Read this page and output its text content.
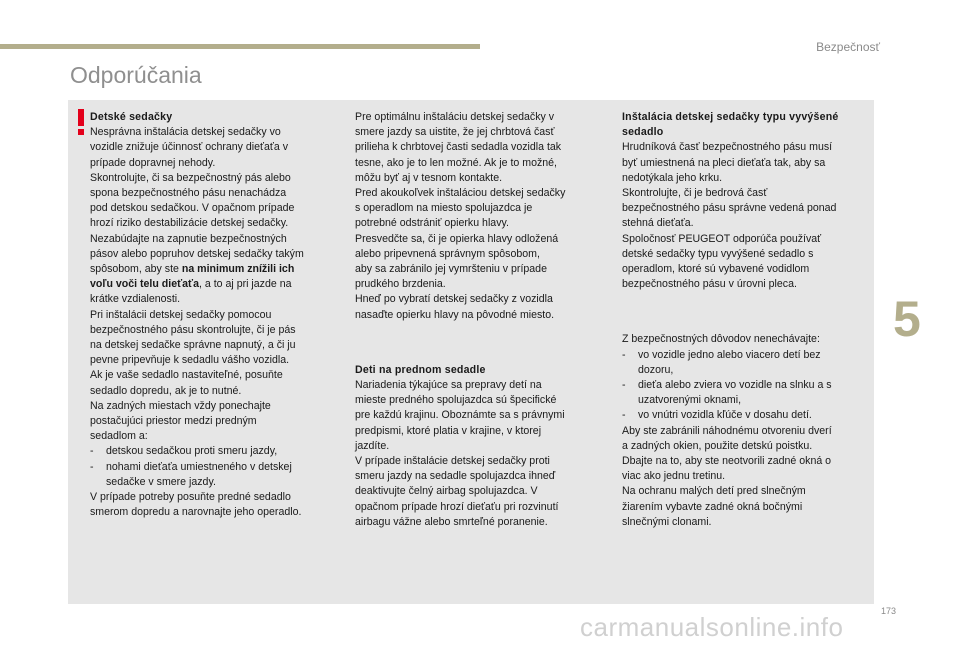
Bezpečnosť
Odporúčania

Detské sedačky

Nesprávna inštalácia detskej sedačky vo

vozidle znižuje účinnosť ochrany dieťaťa v

prípade dopravnej nehody.

Skontrolujte, či sa bezpečnostný pás alebo

spona bezpečnostného pásu nenachádza

pod detskou sedačkou. V opačnom prípade

hrozí riziko destabilizácie detskej sedačky.

Nezabúdajte na zapnutie bezpečnostných

pásov alebo popruhov detskej sedačky takým

spôsobom, aby ste na minimum znížili ich

voľu voči telu dieťaťa, a to aj pri jazde na

krátke vzdialenosti.

Pri inštalácii detskej sedačky pomocou

bezpečnostného pásu skontrolujte, či je pás

na detskej sedačke správne napnutý, a či ju

pevne pripevňuje k sedadlu vášho vozidla.

Ak je vaše sedadlo nastaviteľné, posuňte

sedadlo dopredu, ak je to nutné.

Na zadných miestach vždy ponechajte

postačujúci priestor medzi predným

sedadlom a:

-	detskou sedačkou proti smeru jazdy,
-	nohami dieťaťa umiestneného v detskej

sedačke v smere jazdy.

V prípade potreby posuňte predné sedadlo

smerom dopredu a narovnajte jeho operadlo.

Pre optimálnu inštaláciu detskej sedačky v

smere jazdy sa uistite, že jej chrbtová časť

prilieha k chrbtovej časti sedadla vozidla tak

tesne, ako je to len možné. Ak je to možné,

môžu byť aj v tesnom kontakte.

Pred akoukoľvek inštaláciou detskej sedačky

s operadlom na miesto spolujazdca je

potrebné odstrániť opierku hlavy.

Presvedčte sa, či je opierka hlavy odložená

alebo pripevnená správnym spôsobom,

aby sa zabránilo jej vymršteniu v prípade

prudkého brzdenia.

Hneď po vybratí detskej sedačky z vozidla

nasaďte opierku hlavy na pôvodné miesto.

Deti na prednom sedadle

Nariadenia týkajúce sa prepravy detí na

mieste predného spolujazdca sú špecifické

pre každú krajinu. Oboznámte sa s právnymi

predpismi, ktoré platia v krajine, v ktorej

jazdíte.

V prípade inštalácie detskej sedačky proti

smeru jazdy na sedadle spolujazdca ihneď

deaktivujte čelný airbag spolujazdca. V

opačnom prípade hrozí dieťaťu pri rozvinutí

airbagu vážne alebo smrteľné poranenie.

Inštalácia detskej sedačky typu vyvýšené

sedadlo

Hrudníková časť bezpečnostného pásu musí

byť umiestnená na pleci dieťaťa tak, aby sa

nedotýkala jeho krku.

Skontrolujte, či je bedrová časť

bezpečnostného pásu správne vedená ponad

stehná dieťaťa.

Spoločnosť PEUGEOT odporúča používať

detské sedačky typu vyvýšené sedadlo s

operadlom, ktoré sú vybavené vodidlom

bezpečnostného pásu v úrovni pleca.

Z bezpečnostných dôvodov nenechávajte:

-	vo vozidle jedno alebo viacero detí bez

dozoru,

-	dieťa alebo zviera vo vozidle na slnku a s

uzatvorenými oknami,

-	vo vnútri vozidla kľúče v dosahu detí.

Aby ste zabránili náhodnému otvoreniu dverí

a zadných okien, použite detskú poistku.

Dbajte na to, aby ste neotvorili zadné okná o

viac ako jednu tretinu.

Na ochranu malých detí pred slnečným

žiarením vybavte zadné okná bočnými

slnečnými clonami.

5
173
carmanualsonline.info
